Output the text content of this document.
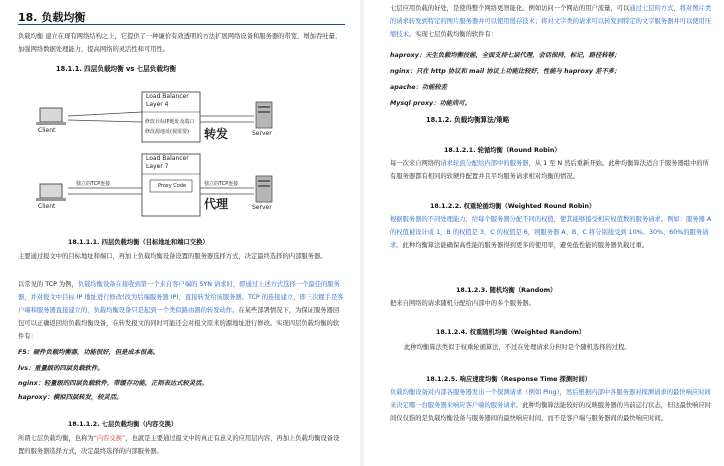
18. 负载均衡
负载均衡 建立在现有网络结构之上，它提供了一种廉价有效透明的方法扩展网络设备和服务器的带宽、增加吞吐量、加强网络数据处理能力、提高网络的灵活性和可用性。
18.1.1. 四层负载均衡 vs 七层负载均衡
Client	Server
Client	Server
Load Balancer
Layer 4
修改目标IP地址及端口
修改源地址(视需要)
Load Balancer
Layer 7
Proxy Code
独立的TCP连接	独立的TCP连接
转发
代理
18.1.1.1. 四层负载均衡（目标地址和端口交换）
主要通过报文中的目标地址和端口，再加上负载均衡设备设置的服务器选择方式，决定最终选择的内部服务器。
以常见的 TCP 为例，负载均衡设备在接收到第一个来自客户端的 SYN 请求时，即通过上述方式选择一个最佳的服务器，并对报文中目标 IP 地址进行修改(改为后端服务器 IP)，直接转发给该服务器。TCP 的连接建立，即三次握手是客户端和服务器直接建立的，负载均衡设备只是起到一个类似路由器的转发动作。在某些部署情况下，为保证服务器回包可以正确返回给负载均衡设备，在转发报文的同时可能还会对报文原来的源地址进行修改。实现四层负载均衡的软件有：
F5：硬件负载均衡器，功能很好，但是成本很高。
lvs：重量级的四层负载软件。
nginx：轻量级的四层负载软件，带缓存功能，正则表达式较灵活。
haproxy：模拟四层转发，较灵活。
18.1.1.2. 七层负载均衡（内容交换）
所谓七层负载均衡，也称为“内容交换”，也就是主要通过报文中的真正有意义的应用层内容，再加上负载均衡设备设置的服务器选择方式，决定最终选择的内部服务器。
七层应用负载的好处，是使得整个网络更智能化。例如访问一个网站的用户流量，可以通过七层的方式，将对图片类的请求转发到特定的图片服务器并可以使用缓存技术；将对文字类的请求可以转发到特定的文字服务器并可以使用压缩技术。实现七层负载均衡的软件有：
haproxy：天生负载均衡技能，全面支持七层代理，会话保持，标记，路径转移；
nginx：只在 http 协议和 mail 协议上功能比较好，性能与 haproxy 差不多；
apache：功能较差
Mysql proxy：功能尚可。
18.1.2. 负载均衡算法/策略
18.1.2.1. 轮循均衡（Round Robin）
每一次来自网络的请求轮流分配给内部中的服务器，从 1 至 N 然后重新开始。此种均衡算法适合于服务器组中的所有服务器都有相同的软硬件配置并且平均服务请求相对均衡的情况。
18.1.2.2. 权重轮循均衡（Weighted Round Robin）
根据服务器的不同处理能力，给每个服务器分配不同的权值，使其能够接受相应权值数的服务请求。例如：服务器 A 的权值被设计成 1，B 的权值是 3，C 的权值是 6，则服务器 A、B、C 将分别接受到 10%、30%、60%的服务请求。此种均衡算法能确保高性能的服务器得到更多的使用率，避免低性能的服务器负载过重。
18.1.2.3. 随机均衡（Random）
把来自网络的请求随机分配给内部中的多个服务器。
18.1.2.4. 权重随机均衡（Weighted Random）
此种均衡算法类似于权重轮循算法，不过在处理请求分担时是个随机选择的过程。
18.1.2.5. 响应速度均衡（Response Time 探测时间）
负载均衡设备对内部各服务器发出一个探测请求（例如 Ping），然后根据内部中各服务器对探测请求的最快响应时间来决定哪一台服务器来响应客户端的服务请求。此种均衡算法能较好的反映服务器的当前运行状态，但这最快响应时间仅仅指的是负载均衡设备与服务器间的最快响应时间，而不是客户端与服务器间的最快响应时间。
